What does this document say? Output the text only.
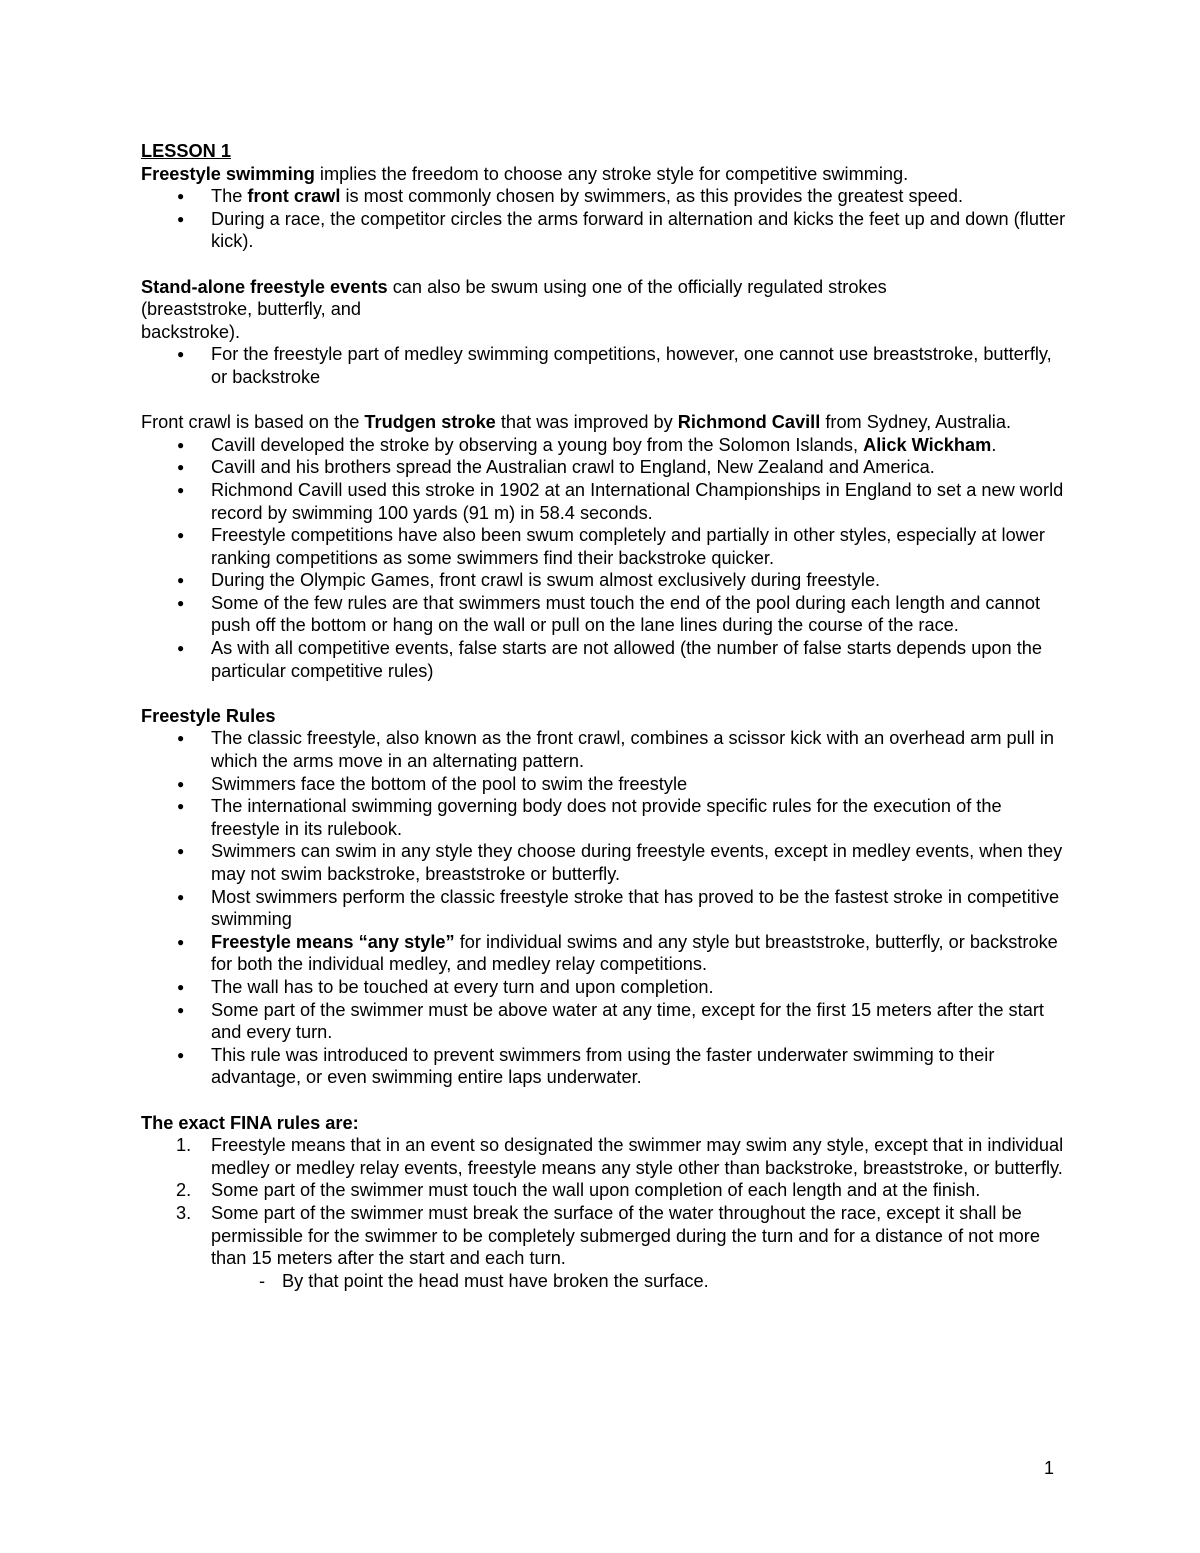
LESSON 1

Freestyle swimming implies the freedom to choose any stroke style for competitive swimming.

● The front crawl is most commonly chosen by swimmers, as this provides the greatest speed.
● During a race, the competitor circles the arms forward in alternation and kicks the feet up and down (flutter kick).

Stand-alone freestyle events can also be swum using one of the officially regulated strokes

(breaststroke, butterfly, and

backstroke).

● For the freestyle part of medley swimming competitions, however, one cannot use breaststroke, butterfly, or backstroke

Front crawl is based on the Trudgen stroke that was improved by Richmond Cavill from Sydney, Australia.

● Cavill developed the stroke by observing a young boy from the Solomon Islands, Alick Wickham.
● Cavill and his brothers spread the Australian crawl to England, New Zealand and America.
● Richmond Cavill used this stroke in 1902 at an International Championships in England to set a new world record by swimming 100 yards (91 m) in 58.4 seconds.
● Freestyle competitions have also been swum completely and partially in other styles, especially at lower ranking competitions as some swimmers find their backstroke quicker.
● During the Olympic Games, front crawl is swum almost exclusively during freestyle.
● Some of the few rules are that swimmers must touch the end of the pool during each length and cannot push off the bottom or hang on the wall or pull on the lane lines during the course of the race.
● As with all competitive events, false starts are not allowed (the number of false starts depends upon the particular competitive rules)

Freestyle Rules

● The classic freestyle, also known as the front crawl, combines a scissor kick with an overhead arm pull in which the arms move in an alternating pattern.
● Swimmers face the bottom of the pool to swim the freestyle
● The international swimming governing body does not provide specific rules for the execution of the freestyle in its rulebook.
● Swimmers can swim in any style they choose during freestyle events, except in medley events, when they may not swim backstroke, breaststroke or butterfly.
● Most swimmers perform the classic freestyle stroke that has proved to be the fastest stroke in competitive swimming
● Freestyle means “any style” for individual swims and any style but breaststroke, butterfly, or backstroke for both the individual medley, and medley relay competitions.
● The wall has to be touched at every turn and upon completion.
● Some part of the swimmer must be above water at any time, except for the first 15 meters after the start and every turn.
● This rule was introduced to prevent swimmers from using the faster underwater swimming to their advantage, or even swimming entire laps underwater.

The exact FINA rules are:

1. Freestyle means that in an event so designated the swimmer may swim any style, except that in individual medley or medley relay events, freestyle means any style other than backstroke, breaststroke, or butterfly.
2. Some part of the swimmer must touch the wall upon completion of each length and at the finish.
3. Some part of the swimmer must break the surface of the water throughout the race, except it shall be permissible for the swimmer to be completely submerged during the turn and for a distance of not more than 15 meters after the start and each turn.
- By that point the head must have broken the surface.
1
